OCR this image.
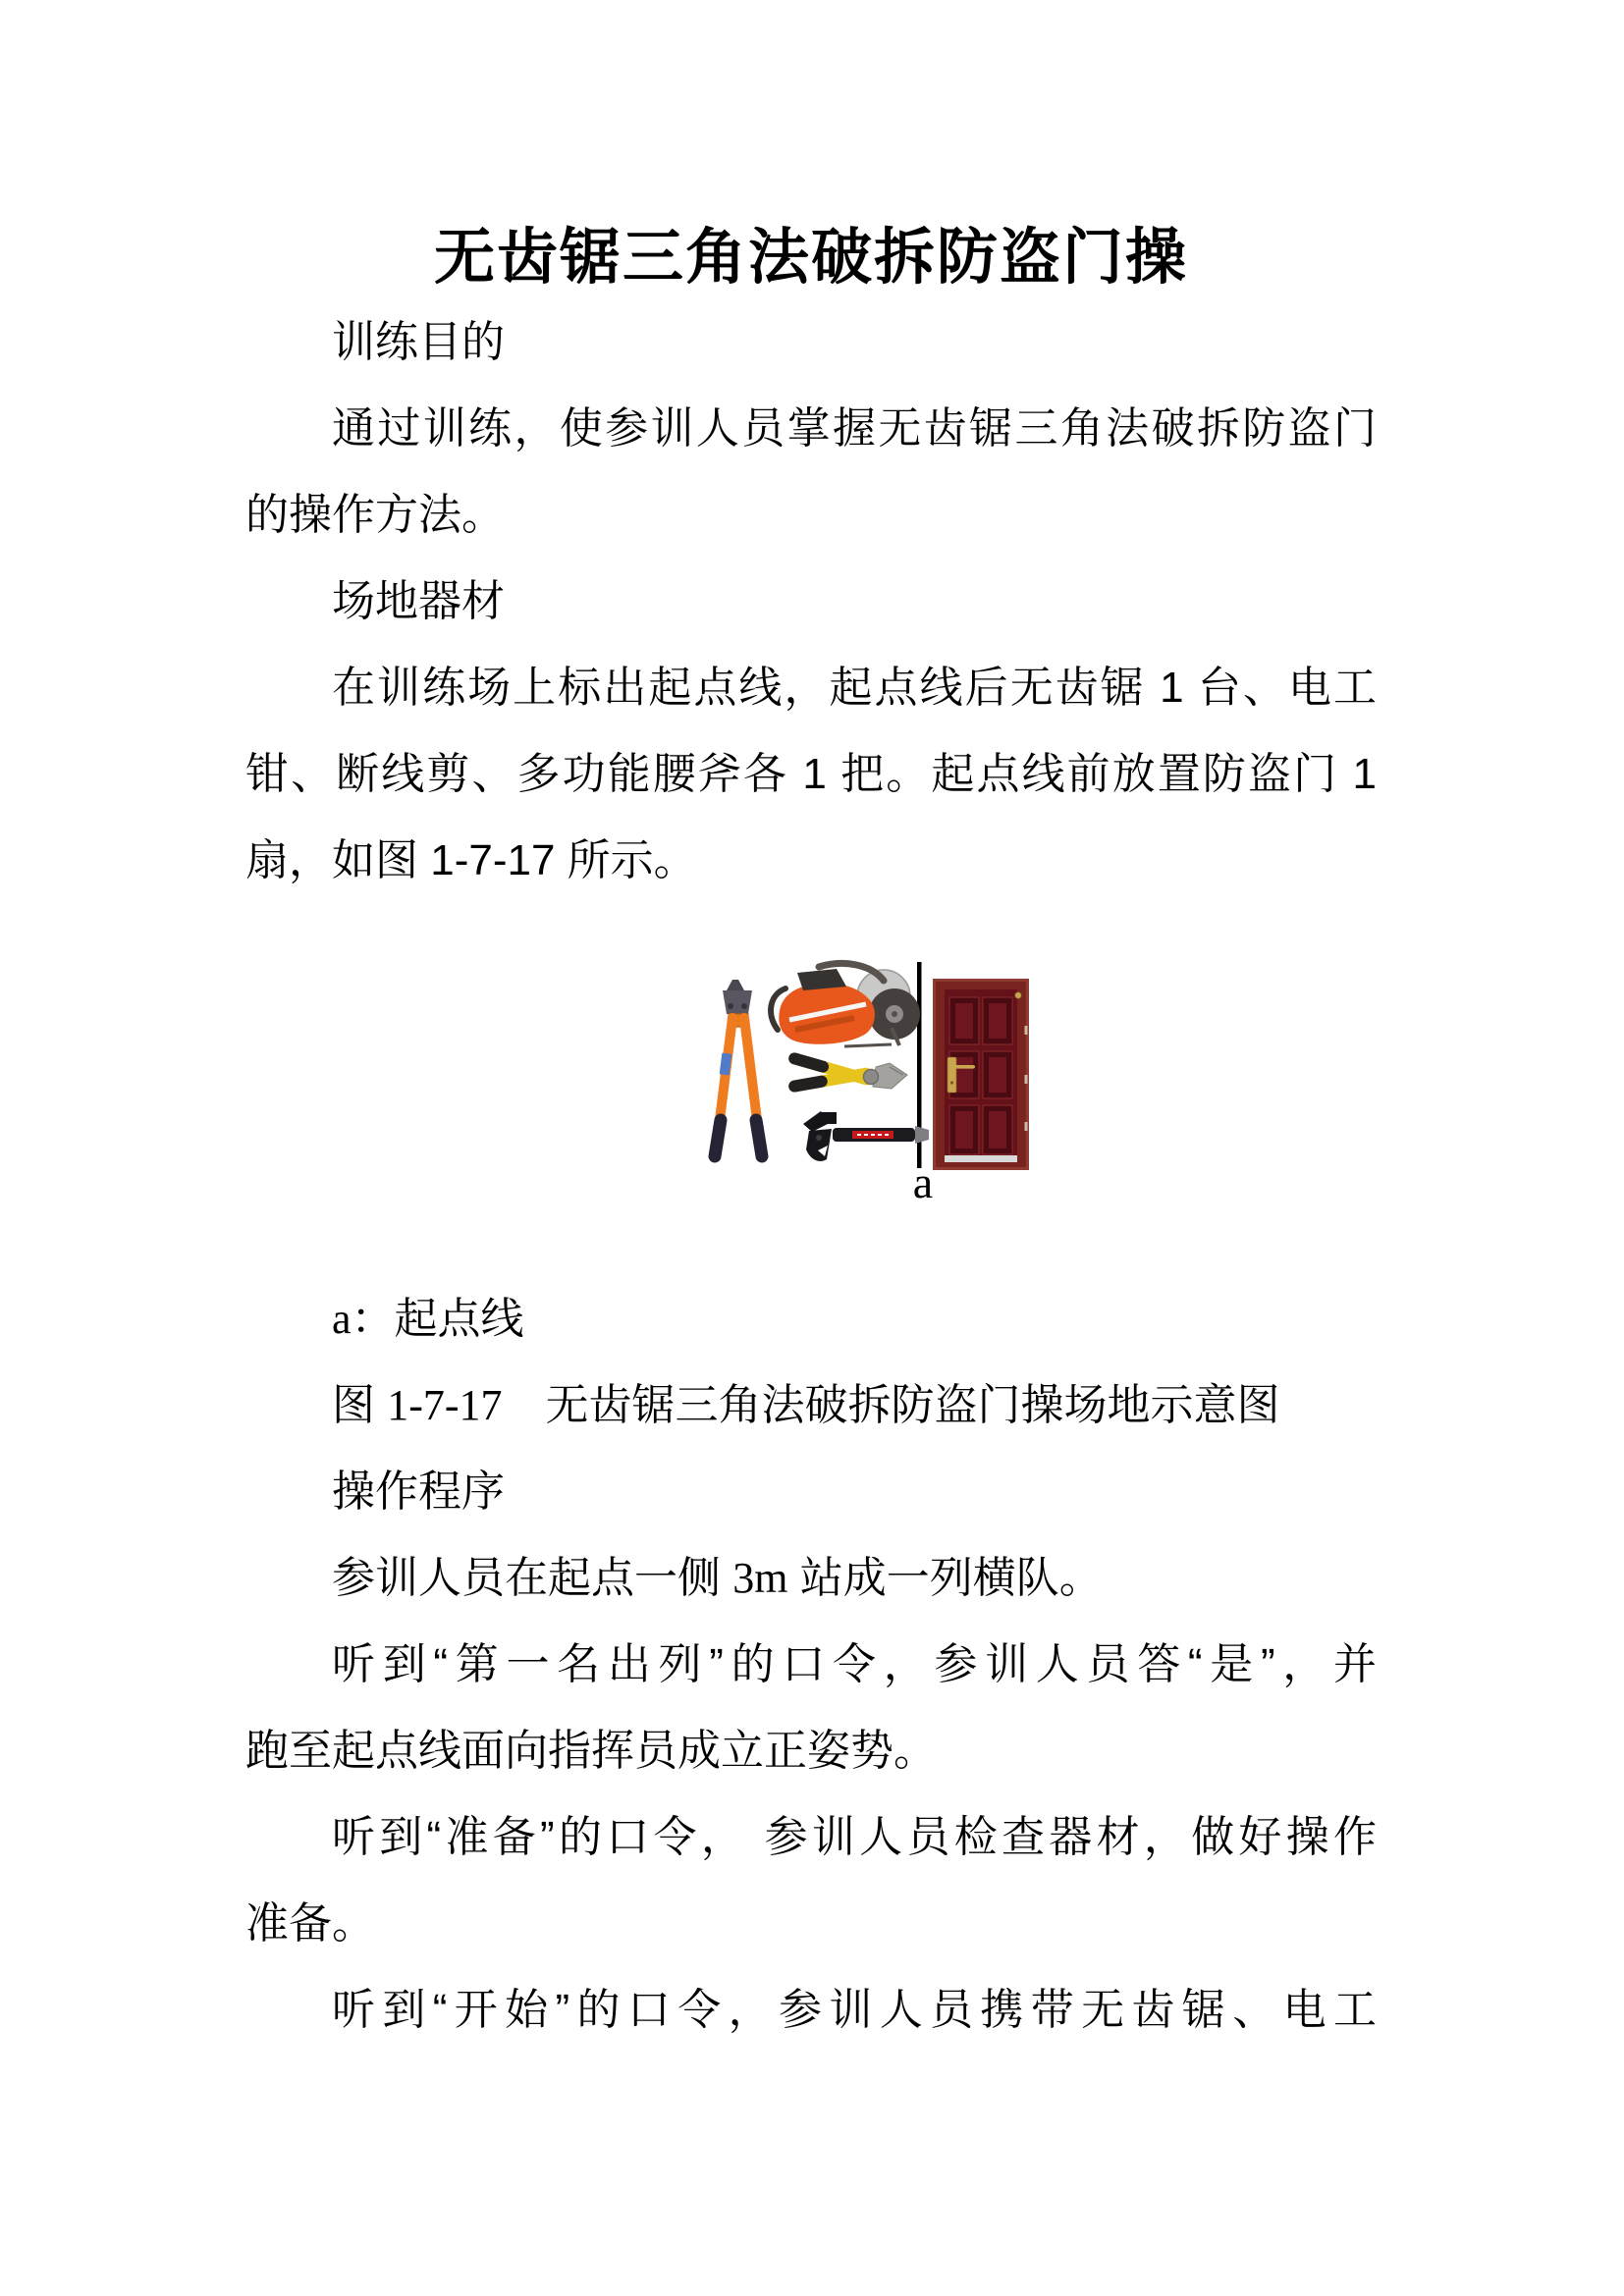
无齿锯三角法破拆防盗门操
训练目的
通过训练，使参训人员掌握无齿锯三角法破拆防盗门
的操作方法。
场地器材
在训练场上标出起点线，起点线后无齿锯 1 台、电工
钳、断线剪、多功能腰斧各 1 把。起点线前放置防盗门 1
扇，如图 1-7-17 所示。
a
a：起点线
图 1-7-17　无齿锯三角法破拆防盗门操场地示意图
操作程序
参训人员在起点一侧 3m 站成一列横队。
听到“第一名出列”的口令，参训人员答“是”，并
跑至起点线面向指挥员成立正姿势。
听到“准备”的口令， 参训人员检查器材，做好操作
准备。
听到“开始”的口令，参训人员携带无齿锯、电工
